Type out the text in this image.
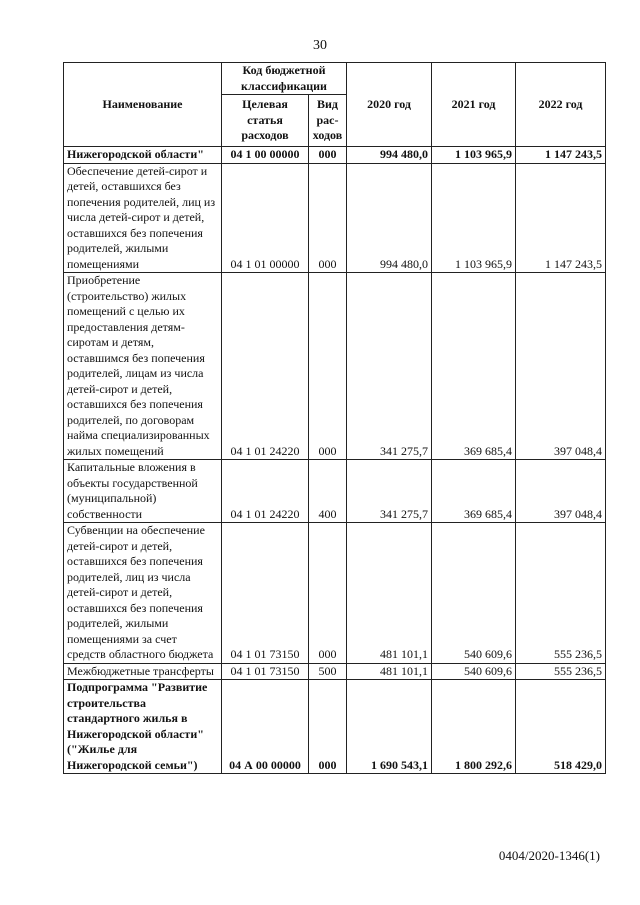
30
Наименование	Код бюджетной классификации		2020 год	2021 год	2022 год
	Целевая статья расходов	Вид рас-ходов			
Нижегородской области"	04 1 00 00000	000	994 480,0	1 103 965,9	1 147 243,5
Обеспечение детей-сирот и детей, оставшихся без попечения родителей, лиц из числа детей-сирот и детей, оставшихся без попечения родителей, жилыми помещениями	04 1 01 00000	000	994 480,0	1 103 965,9	1 147 243,5
Приобретение (строительство) жилых помещений с целью их предоставления детям-сиротам и детям, оставшимся без попечения родителей, лицам из числа детей-сирот и детей, оставшихся без попечения родителей, по договорам найма специализированных жилых помещений	04 1 01 24220	000	341 275,7	369 685,4	397 048,4
Капитальные вложения в объекты государственной (муниципальной) собственности	04 1 01 24220	400	341 275,7	369 685,4	397 048,4
Субвенции на обеспечение детей-сирот и детей, оставшихся без попечения родителей, лиц из числа детей-сирот и детей, оставшихся без попечения родителей, жилыми помещениями за счет средств областного бюджета	04 1 01 73150	000	481 101,1	540 609,6	555 236,5
Межбюджетные трансферты	04 1 01 73150	500	481 101,1	540 609,6	555 236,5
Подпрограмма "Развитие строительства стандартного жилья в Нижегородской области" ("Жилье для Нижегородской семьи")	04 А 00 00000	000	1 690 543,1	1 800 292,6	518 429,0
0404/2020-1346(1)
